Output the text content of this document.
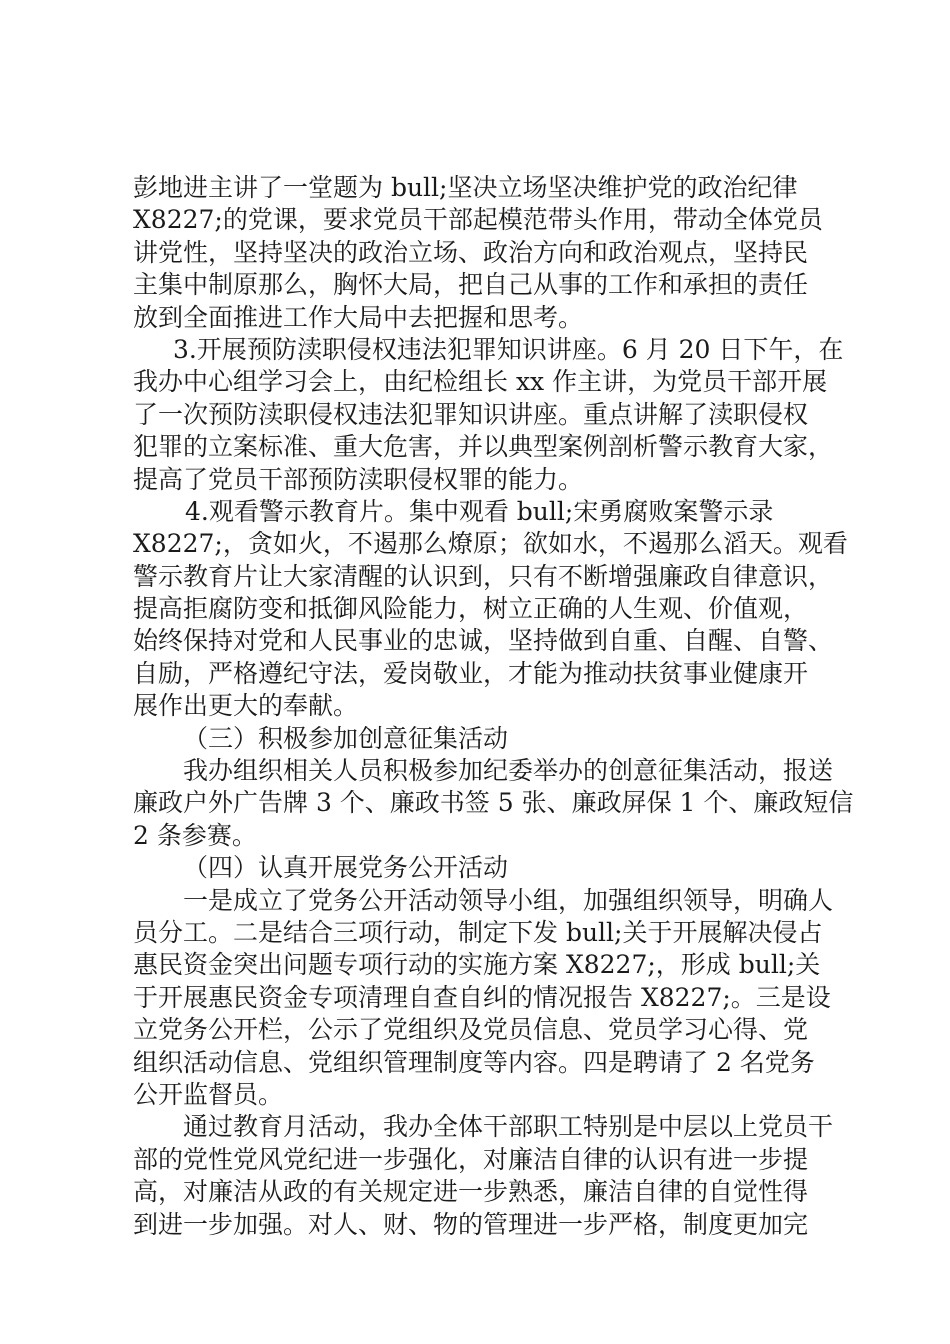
彭地进主讲了一堂题为 bull;坚决立场坚决维护党的政治纪律
X8227;的党课，要求党员干部起模范带头作用，带动全体党员
讲党性，坚持坚决的政治立场、政治方向和政治观点，坚持民
主集中制原那么，胸怀大局，把自己从事的工作和承担的责任
放到全面推进工作大局中去把握和思考。
3.开展预防渎职侵权违法犯罪知识讲座。6 月 20 日下午，在
我办中心组学习会上，由纪检组长 xx 作主讲，为党员干部开展
了一次预防渎职侵权违法犯罪知识讲座。重点讲解了渎职侵权
犯罪的立案标准、重大危害，并以典型案例剖析警示教育大家，
提高了党员干部预防渎职侵权罪的能力。
4.观看警示教育片。集中观看 bull;宋勇腐败案警示录
X8227;，贪如火，不遏那么燎原；欲如水，不遏那么滔天。观看
警示教育片让大家清醒的认识到，只有不断增强廉政自律意识，
提高拒腐防变和抵御风险能力，树立正确的人生观、价值观，
始终保持对党和人民事业的忠诚，坚持做到自重、自醒、自警、
自励，严格遵纪守法，爱岗敬业，才能为推动扶贫事业健康开
展作出更大的奉献。
（三）积极参加创意征集活动
我办组织相关人员积极参加纪委举办的创意征集活动，报送
廉政户外广告牌 3 个、廉政书签 5 张、廉政屏保 1 个、廉政短信
2 条参赛。
（四）认真开展党务公开活动
一是成立了党务公开活动领导小组，加强组织领导，明确人
员分工。二是结合三项行动，制定下发 bull;关于开展解决侵占
惠民资金突出问题专项行动的实施方案 X8227;，形成 bull;关
于开展惠民资金专项清理自查自纠的情况报告 X8227;。三是设
立党务公开栏，公示了党组织及党员信息、党员学习心得、党
组织活动信息、党组织管理制度等内容。四是聘请了 2 名党务
公开监督员。
通过教育月活动，我办全体干部职工特别是中层以上党员干
部的党性党风党纪进一步强化，对廉洁自律的认识有进一步提
高，对廉洁从政的有关规定进一步熟悉，廉洁自律的自觉性得
到进一步加强。对人、财、物的管理进一步严格，制度更加完
